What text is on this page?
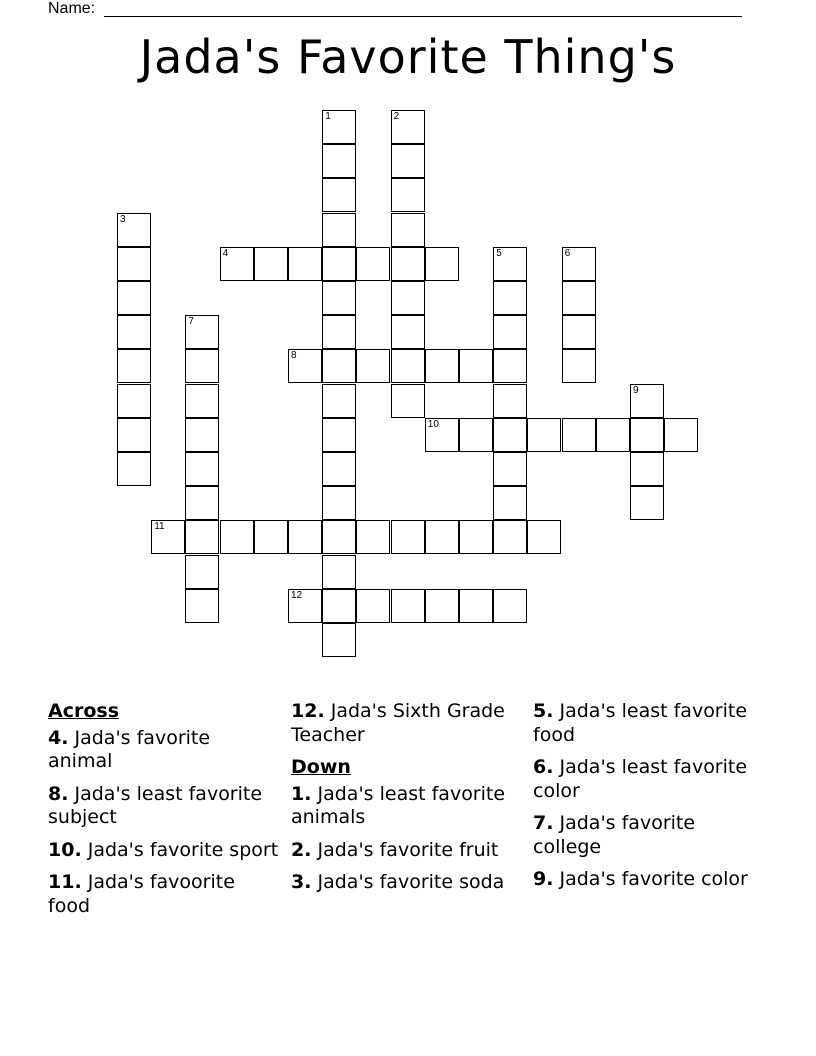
Name:
Jada's Favorite Thing's
1	2
3
4	5	6
7
8
9
10
11
12
Across
4. Jada's favorite animal
8. Jada's least favorite subject
10. Jada's favorite sport
11. Jada's favoorite food
12. Jada's Sixth Grade Teacher
Down
1. Jada's least favorite animals
2. Jada's favorite fruit
3. Jada's favorite soda
5. Jada's least favorite food
6. Jada's least favorite color
7. Jada's favorite college
9. Jada's favorite color
